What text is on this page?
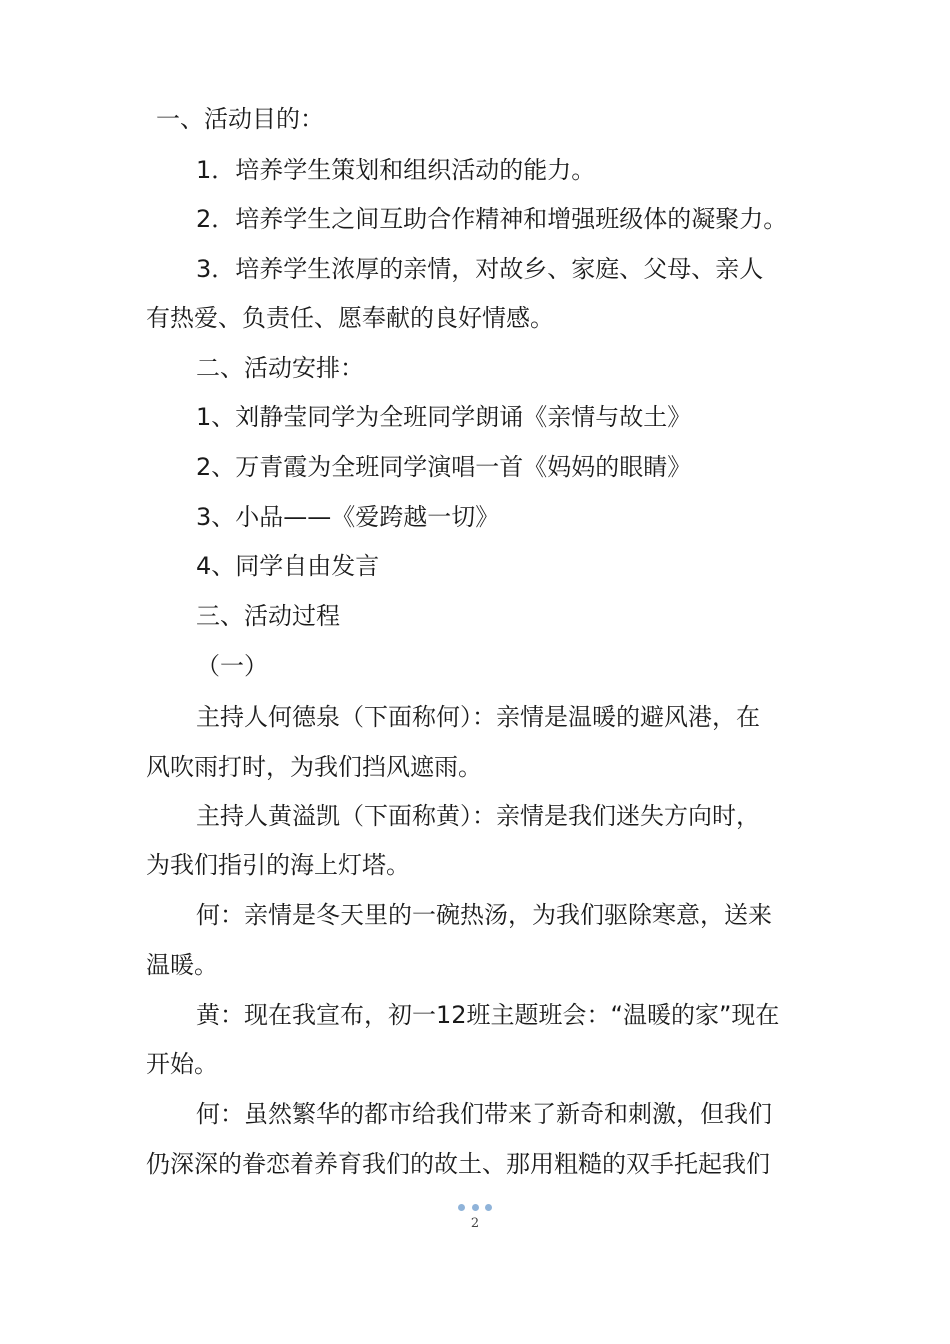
一、活动目的：
1．培养学生策划和组织活动的能力。
2．培养学生之间互助合作精神和增强班级体的凝聚力。
3．培养学生浓厚的亲情，对故乡、家庭、父母、亲人
有热爱、负责任、愿奉献的良好情感。
二、活动安排：
1、刘静莹同学为全班同学朗诵《亲情与故土》
2、万青霞为全班同学演唱一首《妈妈的眼睛》
3、小品——《爱跨越一切》
4、同学自由发言
三、活动过程
（一）
主持人何德泉（下面称何）：亲情是温暖的避风港，在
风吹雨打时，为我们挡风遮雨。
主持人黄溢凯（下面称黄）：亲情是我们迷失方向时，
为我们指引的海上灯塔。
何：亲情是冬天里的一碗热汤，为我们驱除寒意，送来
温暖。
黄：现在我宣布，初一12班主题班会：“温暖的家”现在
开始。
何：虽然繁华的都市给我们带来了新奇和刺激，但我们
仍深深的眷恋着养育我们的故土、那用粗糙的双手托起我们
2
